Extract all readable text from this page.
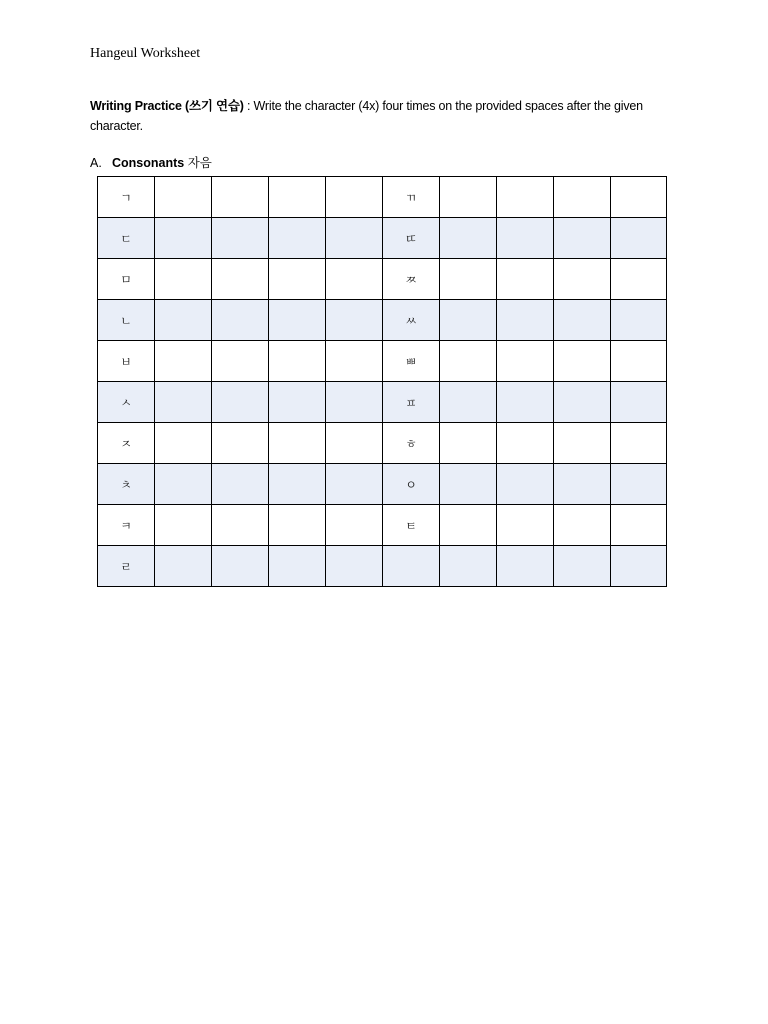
Hangeul Worksheet
Writing Practice (쓰기 연습) : Write the character (4x) four times on the provided spaces after the given character.
A. Consonants 자음
ㄱ					ㄲ				
ㄷ					ㄸ				
ㅁ					ㅉ				
ㄴ					ㅆ				
ㅂ					ㅃ				
ㅅ					ㅍ				
ㅈ					ㅎ				
ㅊ					ㅇ				
ㅋ					ㅌ				
ㄹ									
